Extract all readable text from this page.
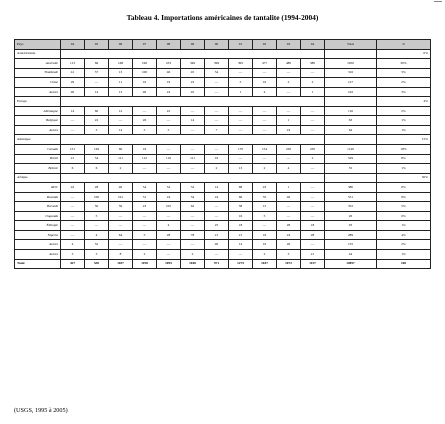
Tableau 4. Importations américaines de tantalite (1994-2004)
Pays	94	95	96	97	98	99	00	01	02	03	04	Total	%
Asie/Océanie													0%
Australie	113	66	168	190	233	349	599	395	477	480	580	1950	30%
Thaïlande	41	37	13	100	46	45	34	—	—	—	—	316	5%
Chine	29	—	11	16	19	22	—	5	16	2	2	127	2%
Autres	40	14	13	49	24	45	—	1	4	—	1	192	3%
Europe													4%
Allemagne	14	60	12	—	22	—	—	—	—	—	—	116	2%
Belgique	—	22	—	26	—	14	—	—	—	1	—	63	1%
Autres	—	3	14	5	5	—	7	—	—	24	—	64	1%
Amérique													15%
Canada	131	149	60	19	—	—	—	170	154	236	230	1149	18%
Brésil	21	34	111	112	119	111	19	—	—	—	2	529	8%
Bolivie	6	6	2	—	—	—	2	13	2	4	—	35	1%
Afrique													30%
RDC	42	28	46	54	52	32	14	68	43	1	—	380	6%
Rwanda	—	100	191	31	24	34	24	66	35	46	—	551	9%
Burundi	—	50	59	23	105	62	—	38	15	—	—	352	5%
Ouganda	—	5	—	—	—	—	—	16	5	—	—	26	0%
Éthiopie	—	—	—	—	4	—	25	18	—	28	18	93	1%
Nigeria	—	4	64	5	28	78	21	21	16	24	28	289	4%
Autres	4	52	—	—	—	—	40	14	19	26	—	155	2%
Autres	3	3	8	2	—	2	—	—	2	3	21	44	1%
Total	427	530	1187	1198	1095	1048	971	1275	1047	1072	1157	10857	100
(USGS, 1995 à 2005)
